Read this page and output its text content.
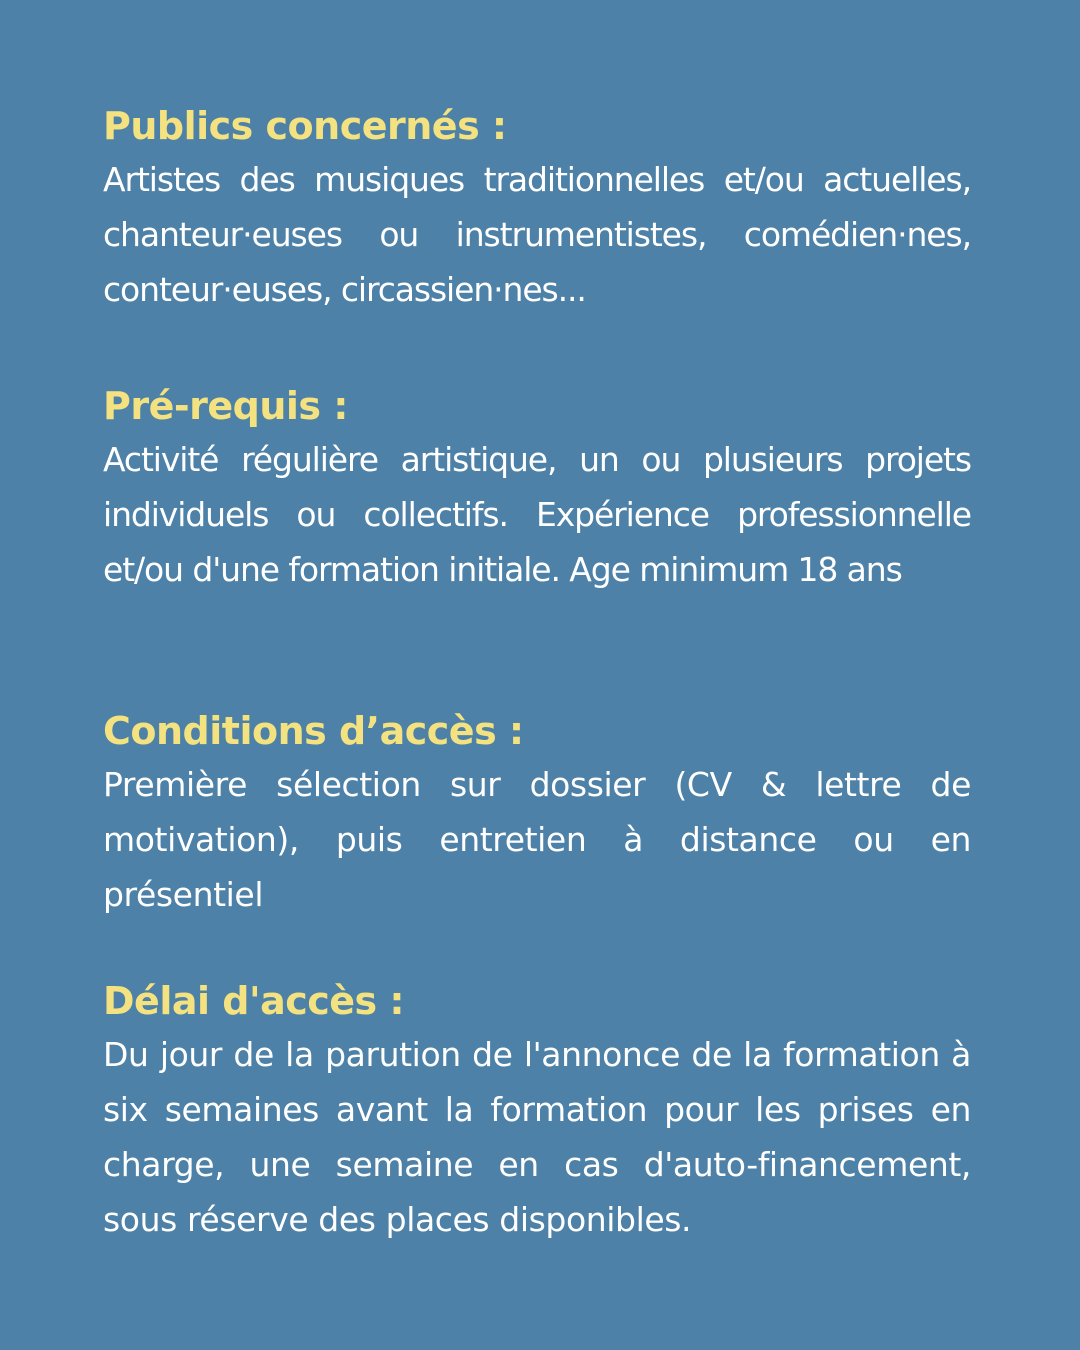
Publics concernés :

Artistes des musiques traditionnelles et/ou actuelles, chanteur·euses ou instrumentistes, comédien·nes, conteur·euses, circassien·nes...

Pré-requis :

Activité régulière artistique, un ou plusieurs projets individuels ou collectifs. Expérience professionnelle et/ou d'une formation initiale. Age minimum 18 ans

Conditions d’accès :

Première sélection sur dossier (CV & lettre de motivation), puis entretien à distance ou en présentiel

Délai d'accès :

Du jour de la parution de l'annonce de la formation à six semaines avant la formation pour les prises en charge, une semaine en cas d'auto-financement, sous réserve des places disponibles.
